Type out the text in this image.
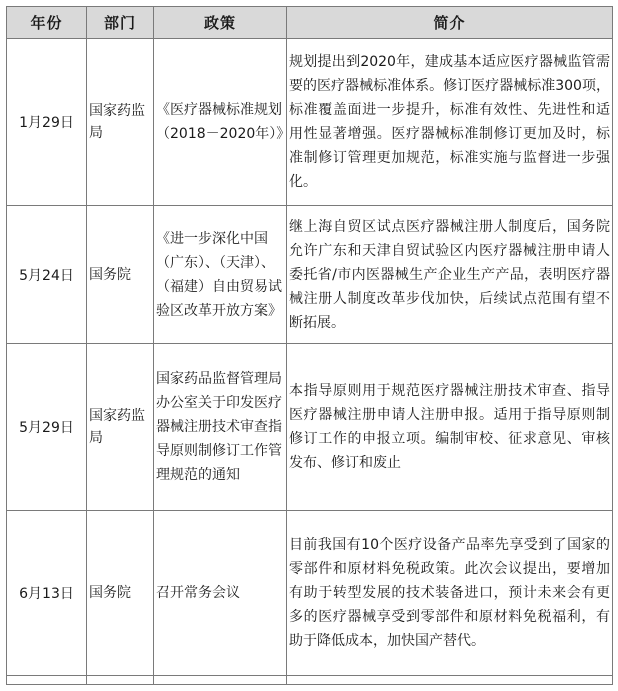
年份	部门	政策	简介
1月29日	国家药监局	《医疗器械标准规划（2018－2020年）》	规划提出到2020年，建成基本适应医疗器械监管需要的医疗器械标准体系。修订医疗器械标准300项，标准覆盖面进一步提升，标准有效性、先进性和适用性显著增强。医疗器械标准制修订更加及时，标准制修订管理更加规范，标准实施与监督进一步强化。
5月24日	国务院	《进一步深化中国（广东）、（天津）、（福建）自由贸易试验区改革开放方案》	继上海自贸区试点医疗器械注册人制度后，国务院允许广东和天津自贸试验区内医疗器械注册申请人委托省/市内医器械生产企业生产产品，表明医疗器械注册人制度改革步伐加快，后续试点范围有望不断拓展。
5月29日	国家药监局	国家药品监督管理局办公室关于印发医疗器械注册技术审查指导原则制修订工作管理规范的通知	本指导原则用于规范医疗器械注册技术审查、指导医疗器械注册申请人注册申报。适用于指导原则制修订工作的申报立项。编制审校、征求意见、审核发布、修订和废止
6月13日	国务院	召开常务会议	目前我国有10个医疗设备产品率先享受到了国家的零部件和原材料免税政策。此次会议提出，要增加有助于转型发展的技术装备进口，预计未来会有更多的医疗器械享受到零部件和原材料免税福利，有助于降低成本，加快国产替代。
